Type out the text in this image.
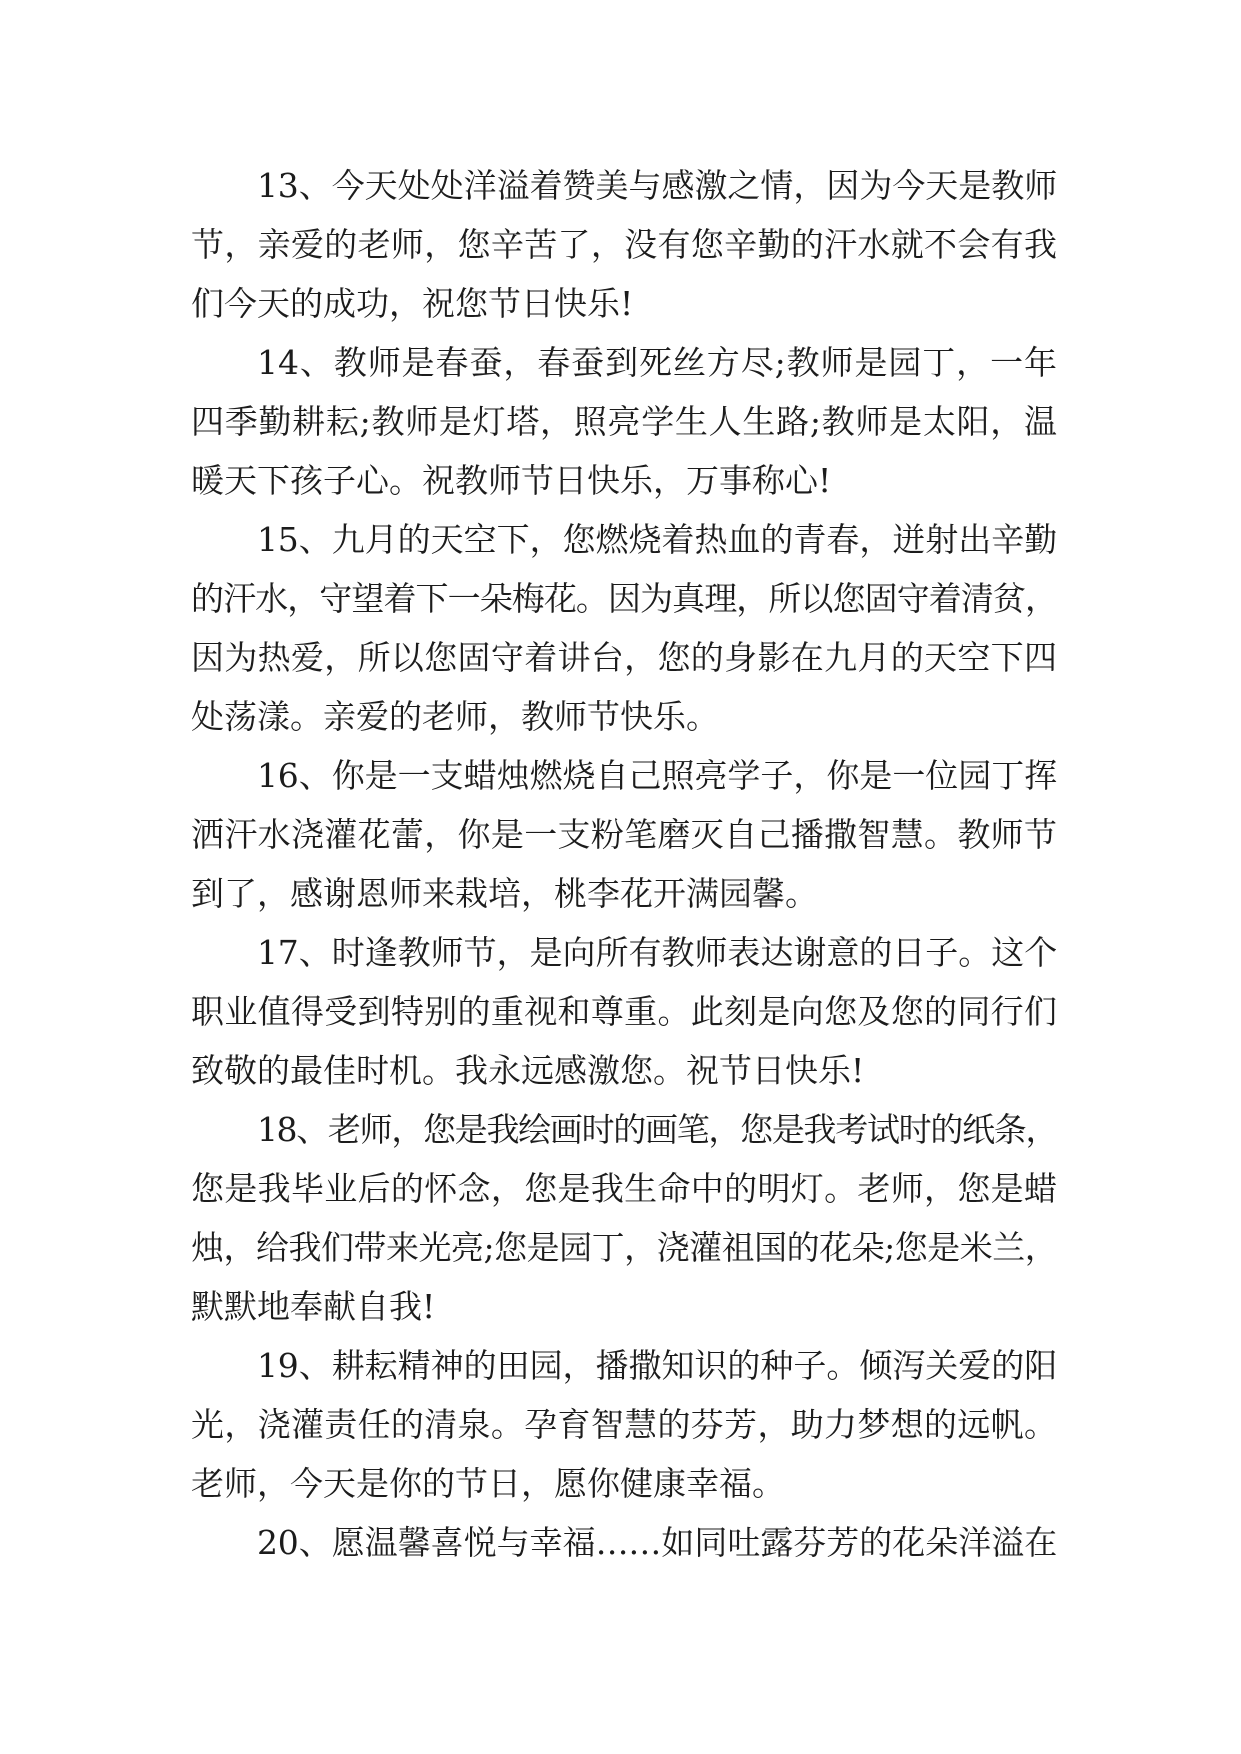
13、今天处处洋溢着赞美与感激之情，因为今天是教师
节，亲爱的老师，您辛苦了，没有您辛勤的汗水就不会有我
们今天的成功，祝您节日快乐!
14、教师是春蚕，春蚕到死丝方尽;教师是园丁，一年
四季勤耕耘;教师是灯塔，照亮学生人生路;教师是太阳，温
暖天下孩子心。祝教师节日快乐，万事称心!
15、九月的天空下，您燃烧着热血的青春，迸射出辛勤
的汗水，守望着下一朵梅花。因为真理，所以您固守着清贫，
因为热爱，所以您固守着讲台，您的身影在九月的天空下四
处荡漾。亲爱的老师，教师节快乐。
16、你是一支蜡烛燃烧自己照亮学子，你是一位园丁挥
洒汗水浇灌花蕾，你是一支粉笔磨灭自己播撒智慧。教师节
到了，感谢恩师来栽培，桃李花开满园馨。
17、时逢教师节，是向所有教师表达谢意的日子。这个
职业值得受到特别的重视和尊重。此刻是向您及您的同行们
致敬的最佳时机。我永远感激您。祝节日快乐!
18、老师，您是我绘画时的画笔，您是我考试时的纸条，
您是我毕业后的怀念，您是我生命中的明灯。老师，您是蜡
烛，给我们带来光亮;您是园丁，浇灌祖国的花朵;您是米兰，
默默地奉献自我!
19、耕耘精神的田园，播撒知识的种子。倾泻关爱的阳
光，浇灌责任的清泉。孕育智慧的芬芳，助力梦想的远帆。
老师，今天是你的节日，愿你健康幸福。
20、愿温馨喜悦与幸福……如同吐露芬芳的花朵洋溢在
